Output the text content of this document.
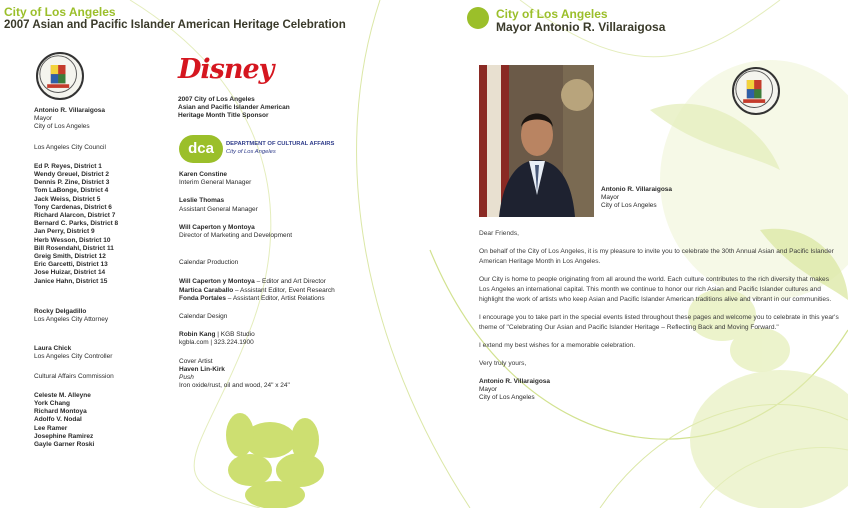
City of Los Angeles
2007 Asian and Pacific Islander American Heritage Celebration
City of Los Angeles
Mayor Antonio R. Villaraigosa
Antonio R. Villaraigosa
Mayor
City of Los Angeles
Los Angeles City Council
Ed P. Reyes, District 1
Wendy Greuel, District 2
Dennis P. Zine, District 3
Tom LaBonge, District 4
Jack Weiss, District 5
Tony Cardenas, District 6
Richard Alarcon, District 7
Bernard C. Parks, District 8
Jan Perry, District 9
Herb Wesson, District 10
Bill Rosendahl, District 11
Greig Smith, District 12
Eric Garcetti, District 13
Jose Huizar, District 14
Janice Hahn, District 15
Rocky Delgadillo
Los Angeles City Attorney
Laura Chick
Los Angeles City Controller
Cultural Affairs Commission
Celeste M. Alleyne
York Chang
Richard Montoya
Adolfo V. Nodal
Lee Ramer
Josephine Ramirez
Gayle Garner Roski
Disney
2007 City of Los Angeles
Asian and Pacific Islander American
Heritage Month Title Sponsor
dca	DEPARTMENT OF CULTURAL AFFAIRS
City of Los Angeles
Karen Constine
Interim General Manager
Leslie Thomas
Assistant General Manager
Will Caperton y Montoya
Director of Marketing and Development
Calendar Production
Will Caperton y Montoya – Editor and Art Director
Martica Caraballo – Assistant Editor, Event Research
Fonda Portales – Assistant Editor, Artist Relations
Calendar Design
Robin Kang | KGB Studio
kgbla.com | 323.224.1900
Cover Artist
Haven Lin-Kirk
Push
Iron oxide/rust, oil and wood, 24" x 24"
Antonio R. Villaraigosa
Mayor
City of Los Angeles
Dear Friends,
On behalf of the City of Los Angeles, it is my pleasure to invite you to celebrate the 30th Annual Asian and Pacific Islander American Heritage Month in Los Angeles.
Our City is home to people originating from all around the world. Each culture contributes to the rich diversity that makes Los Angeles an international capital. This month we continue to honor our rich Asian and Pacific Islander cultures and highlight the work of artists who keep Asian and Pacific Islander American traditions alive and vibrant in our communities.
I encourage you to take part in the special events listed throughout these pages and welcome you to celebrate in this year's theme of "Celebrating Our Asian and Pacific Islander Heritage – Reflecting Back and Moving Forward."
I extend my best wishes for a memorable celebration.
Very truly yours,
Antonio R. Villaraigosa
Mayor
City of Los Angeles
